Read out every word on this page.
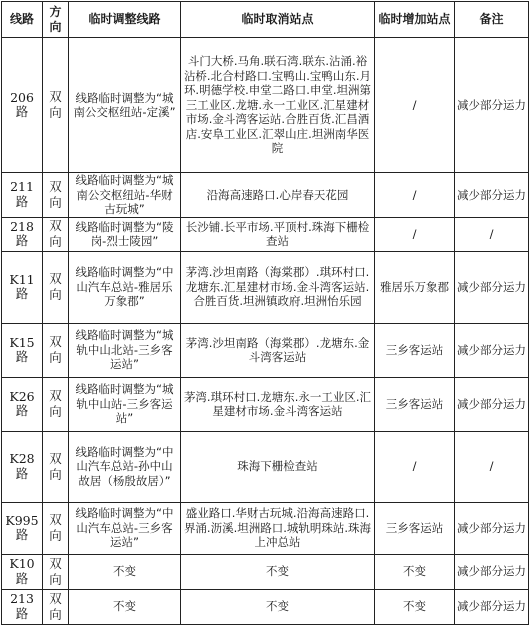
线路	方向	临时调整线路	临时取消站点	临时增加站点	备注
206路	双向	线路临时调整为“城南公交枢纽站-定溪”	斗门大桥.马角.联石湾.联东.沾涌.裕沾桥.北合村路口.宝鸭山.宝鸭山东.月环.明德学校.申堂二路口.申堂.坦洲第三工业区.龙塘.永一工业区.汇星建材市场.金斗湾客运站.合胜百货.汇昌酒店.安阜工业区.汇翠山庄.坦洲南华医院	/	减少部分运力
211路	双向	线路临时调整为“城南公交枢纽站-华财古玩城”	沿海高速路口.心岸春天花园	/	减少部分运力
218路	双向	线路临时调整为“陵岗-烈士陵园”	长沙铺.长平市场.平顶村.珠海下栅检查站	/	/
K11路	双向	线路临时调整为“中山汽车总站-雅居乐万象郡”	茅湾.沙坦南路（海棠郡）.琪环村口.龙塘东.汇星建材市场.金斗湾客运站.合胜百货.坦洲镇政府.坦洲怡乐园	雅居乐万象郡	减少部分运力
K15路	双向	线路临时调整为“城轨中山北站-三乡客运站”	茅湾.沙坦南路（海棠郡）.龙塘东.金斗湾客运站	三乡客运站	减少部分运力
K26路	双向	线路临时调整为“城轨中山站-三乡客运站”	茅湾.琪环村口.龙塘东.永一工业区.汇星建材市场.金斗湾客运站	三乡客运站	减少部分运力
K28路	双向	线路临时调整为“中山汽车总站-孙中山故居（杨殷故居）”	珠海下栅检查站	/	/
K995路	双向	线路临时调整为“中山汽车总站-三乡客运站”	盛业路口.华财古玩城.沿海高速路口.界涌.沥溪.坦洲路口.城轨明珠站.珠海上冲总站	三乡客运站	减少部分运力
K10路	双向	不变	不变	不变	减少部分运力
213路	双向	不变	不变	不变	减少部分运力
